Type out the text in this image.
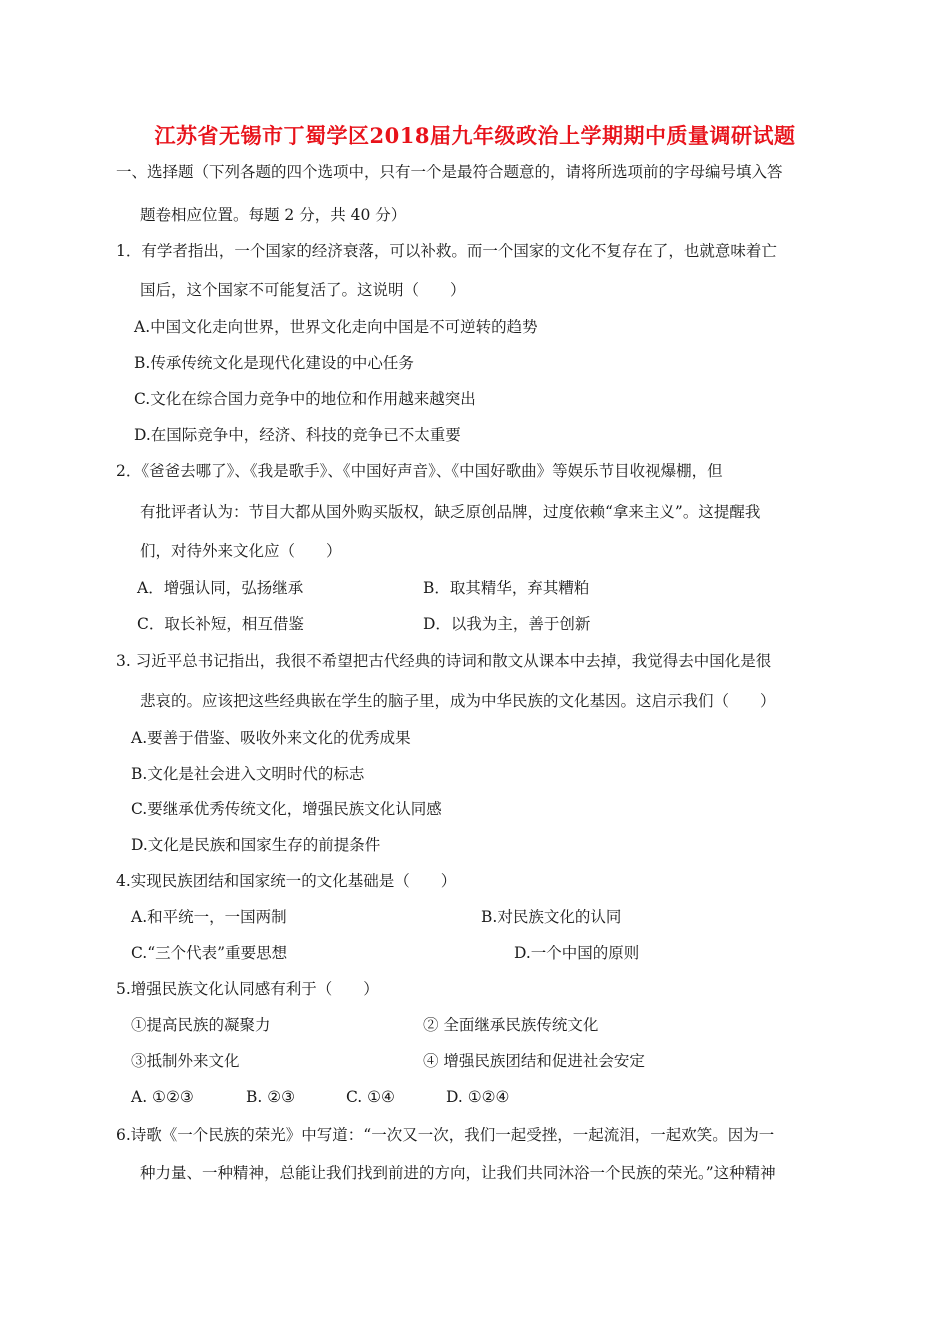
江苏省无锡市丁蜀学区2018届九年级政治上学期期中质量调研试题
一、选择题（下列各题的四个选项中，只有一个是最符合题意的，请将所选项前的字母编号填入答
题卷相应位置。每题 2 分，共 40 分）
1．有学者指出，一个国家的经济衰落，可以补救。而一个国家的文化不复存在了，也就意味着亡
国后，这个国家不可能复活了。这说明（　　）
A.中国文化走向世界，世界文化走向中国是不可逆转的趋势
B.传承传统文化是现代化建设的中心任务
C.文化在综合国力竞争中的地位和作用越来越突出
D.在国际竞争中，经济、科技的竞争已不太重要
2．《爸爸去哪了》、《我是歌手》、《中国好声音》、《中国好歌曲》等娱乐节目收视爆棚，但
有批评者认为：节目大都从国外购买版权，缺乏原创品牌，过度依赖“拿来主义”。这提醒我
们，对待外来文化应（　　）
A．增强认同，弘扬继承	B．取其精华，弃其糟粕
C．取长补短，相互借鉴	D．以我为主，善于创新
3. 习近平总书记指出，我很不希望把古代经典的诗词和散文从课本中去掉，我觉得去中国化是很
悲哀的。应该把这些经典嵌在学生的脑子里，成为中华民族的文化基因。这启示我们（　　）
A.要善于借鉴、吸收外来文化的优秀成果
B.文化是社会进入文明时代的标志
C.要继承优秀传统文化，增强民族文化认同感
D.文化是民族和国家生存的前提条件
4.实现民族团结和国家统一的文化基础是（　　）
A.和平统一，一国两制	B.对民族文化的认同
C.“三个代表”重要思想	D.一个中国的原则
5.增强民族文化认同感有利于（　　）
①提高民族的凝聚力	② 全面继承民族传统文化
③抵制外来文化	④ 增强民族团结和促进社会安定
A. ①②③	B. ②③	C. ①④	D. ①②④
6.诗歌《一个民族的荣光》中写道：“一次又一次，我们一起受挫，一起流泪，一起欢笑。因为一
种力量、一种精神，总能让我们找到前进的方向，让我们共同沐浴一个民族的荣光。”这种精神
